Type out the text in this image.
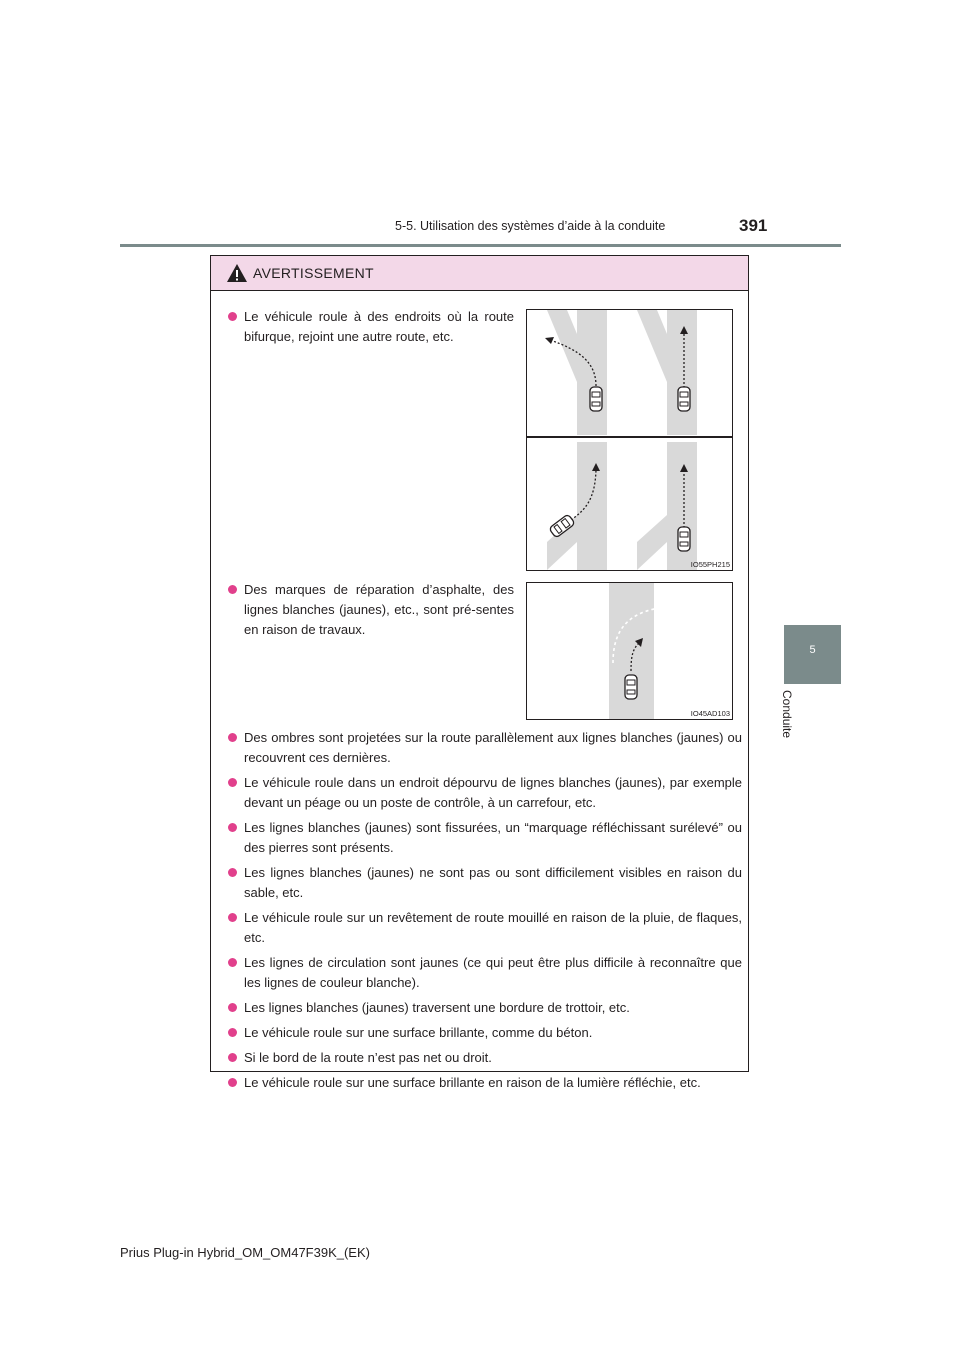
5-5. Utilisation des systèmes d’aide à la conduite	391
5
Conduite
AVERTISSEMENT
Le véhicule roule à des endroits où la route bifurque, rejoint une autre route, etc.
IO55PH215
Des marques de réparation d’asphalte, des lignes blanches (jaunes), etc., sont pré-sentes en raison de travaux.
IO45AD103
Des ombres sont projetées sur la route parallèlement aux lignes blanches (jaunes) ou recouvrent ces dernières.
Le véhicule roule dans un endroit dépourvu de lignes blanches (jaunes), par exemple devant un péage ou un poste de contrôle, à un carrefour, etc.
Les lignes blanches (jaunes) sont fissurées, un “marquage réfléchissant surélevé” ou des pierres sont présents.
Les lignes blanches (jaunes) ne sont pas ou sont difficilement visibles en raison du sable, etc.
Le véhicule roule sur un revêtement de route mouillé en raison de la pluie, de flaques, etc.
Les lignes de circulation sont jaunes (ce qui peut être plus difficile à reconnaître que les lignes de couleur blanche).
Les lignes blanches (jaunes) traversent une bordure de trottoir, etc.
Le véhicule roule sur une surface brillante, comme du béton.
Si le bord de la route n’est pas net ou droit.
Le véhicule roule sur une surface brillante en raison de la lumière réfléchie, etc.
Prius Plug-in Hybrid_OM_OM47F39K_(EK)
